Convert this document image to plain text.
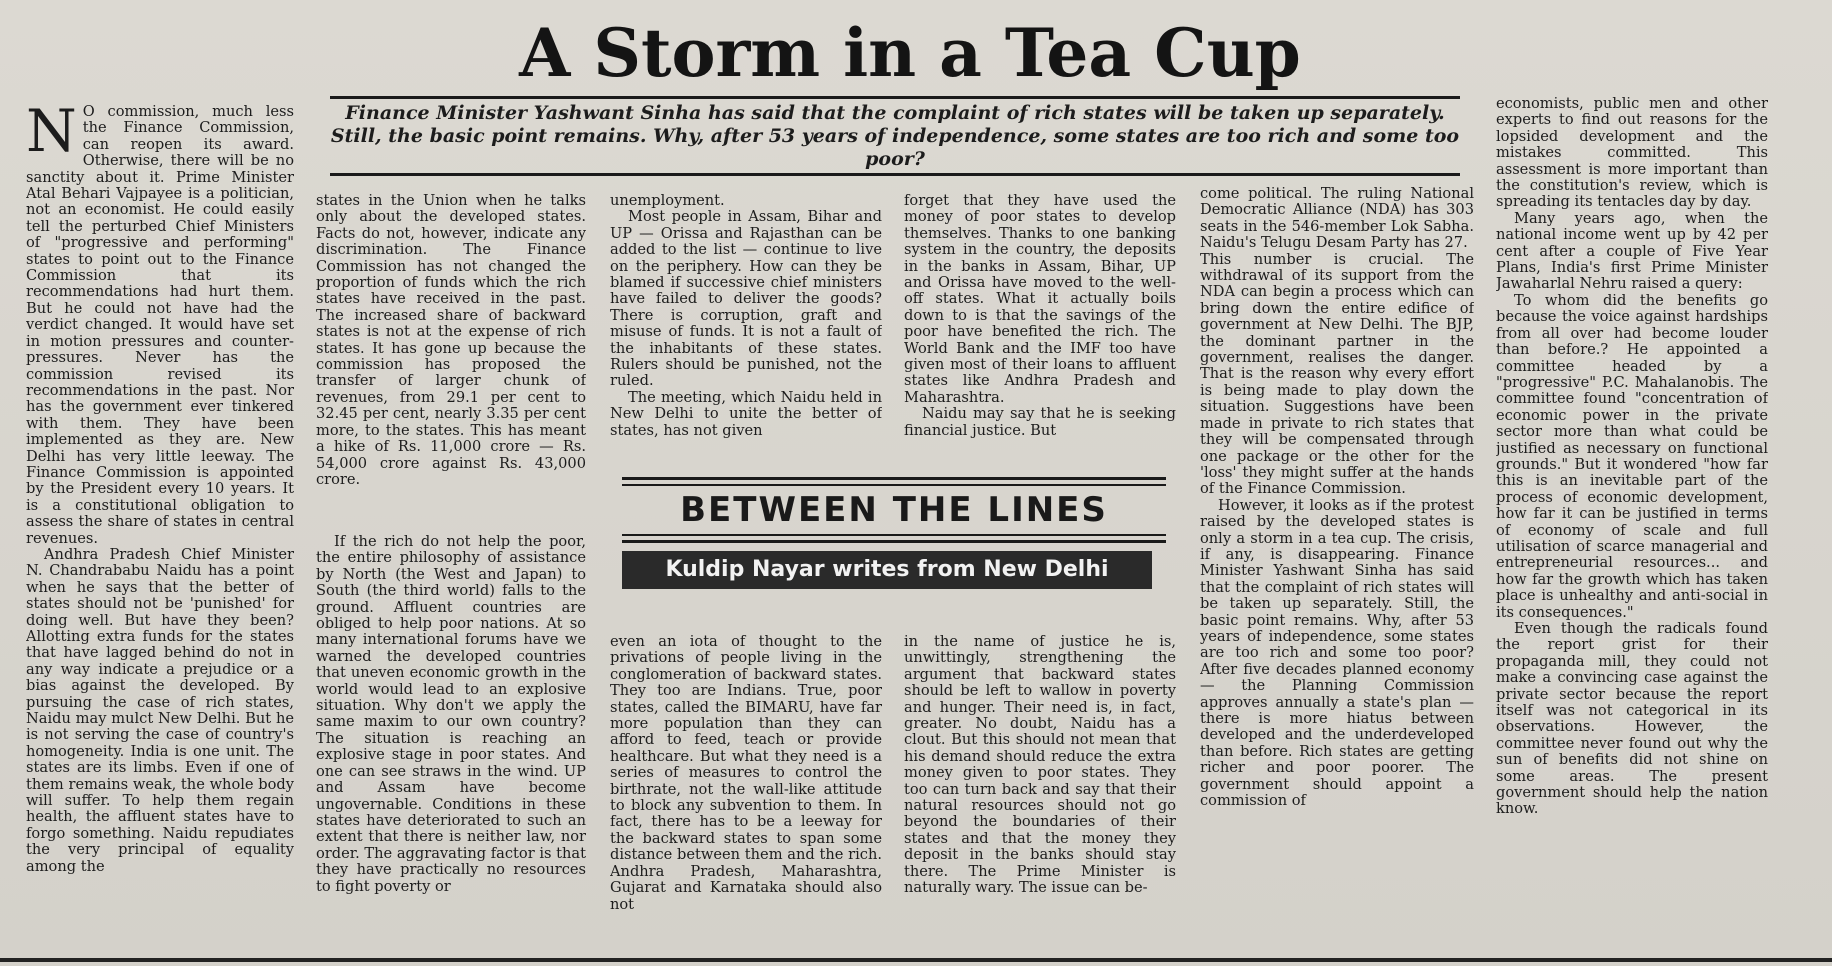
A Storm in a Tea Cup
Finance Minister Yashwant Sinha has said that the complaint of rich states will be taken up separately. Still, the basic point remains. Why, after 53 years of independence, some states are too rich and some too poor?
N O commission, much less the Finance Commission, can reopen its award. Otherwise, there will be no sanctity about it. Prime Minister Atal Behari Vajpayee is a politician, not an economist. He could easily tell the perturbed Chief Ministers of "progressive and performing" states to point out to the Finance Commission that its recommendations had hurt them. But he could not have had the verdict changed. It would have set in motion pressures and counter-pressures. Never has the commission revised its recommendations in the past. Nor has the government ever tinkered with them. They have been implemented as they are. New Delhi has very little leeway. The Finance Commission is appointed by the President every 10 years. It is a constitutional obligation to assess the share of states in central revenues.

Andhra Pradesh Chief Minister N. Chandrababu Naidu has a point when he says that the better of states should not be 'punished' for doing well. But have they been? Allotting extra funds for the states that have lagged behind do not in any way indicate a prejudice or a bias against the developed. By pursuing the case of rich states, Naidu may mulct New Delhi. But he is not serving the case of country's homogeneity. India is one unit. The states are its limbs. Even if one of them remains weak, the whole body will suffer. To help them regain health, the affluent states have to forgo something. Naidu repudiates the very principal of equality among the

states in the Union when he talks only about the developed states. Facts do not, however, indicate any discrimination. The Finance Commission has not changed the proportion of funds which the rich states have received in the past. The increased share of backward states is not at the expense of rich states. It has gone up because the commission has proposed the transfer of larger chunk of revenues, from 29.1 per cent to 32.45 per cent, nearly 3.35 per cent more, to the states. This has meant a hike of Rs. 11,000 crore — Rs. 54,000 crore against Rs. 43,000 crore.

If the rich do not help the poor, the entire philosophy of assistance by North (the West and Japan) to South (the third world) falls to the ground. Affluent countries are obliged to help poor nations. At so many international forums have we warned the developed countries that uneven economic growth in the world would lead to an explosive situation. Why don't we apply the same maxim to our own country? The situation is reaching an explosive stage in poor states. And one can see straws in the wind. UP and Assam have become ungovernable. Conditions in these states have deteriorated to such an extent that there is neither law, nor order. The aggravating factor is that they have practically no resources to fight poverty or

unemployment.

Most people in Assam, Bihar and UP — Orissa and Rajasthan can be added to the list — continue to live on the periphery. How can they be blamed if successive chief ministers have failed to deliver the goods? There is corruption, graft and misuse of funds. It is not a fault of the inhabitants of these states. Rulers should be punished, not the ruled.

The meeting, which Naidu held in New Delhi to unite the better of states, has not given

even an iota of thought to the privations of people living in the conglomeration of backward states. They too are Indians. True, poor states, called the BIMARU, have far more population than they can afford to feed, teach or provide healthcare. But what they need is a series of measures to control the birthrate, not the wall-like attitude to block any subvention to them. In fact, there has to be a leeway for the backward states to span some distance between them and the rich. Andhra Pradesh, Maharashtra, Gujarat and Karnataka should also not

forget that they have used the money of poor states to develop themselves. Thanks to one banking system in the country, the deposits in the banks in Assam, Bihar, UP and Orissa have moved to the well-off states. What it actually boils down to is that the savings of the poor have benefited the rich. The World Bank and the IMF too have given most of their loans to affluent states like Andhra Pradesh and Maharashtra.

Naidu may say that he is seeking financial justice. But

in the name of justice he is, unwittingly, strengthening the argument that backward states should be left to wallow in poverty and hunger. Their need is, in fact, greater. No doubt, Naidu has a clout. But this should not mean that his demand should reduce the extra money given to poor states. They too can turn back and say that their natural resources should not go beyond the boundaries of their states and that the money they deposit in the banks should stay there. The Prime Minister is naturally wary. The issue can be-

BETWEEN THE LINES
Kuldip Nayar writes from New Delhi

come political. The ruling National Democratic Alliance (NDA) has 303 seats in the 546-member Lok Sabha. Naidu's Telugu Desam Party has 27.

This number is crucial. The withdrawal of its support from the NDA can begin a process which can bring down the entire edifice of government at New Delhi. The BJP, the dominant partner in the government, realises the danger. That is the reason why every effort is being made to play down the situation. Suggestions have been made in private to rich states that they will be compensated through one package or the other for the 'loss' they might suffer at the hands of the Finance Commission.

However, it looks as if the protest raised by the developed states is only a storm in a tea cup. The crisis, if any, is disappearing. Finance Minister Yashwant Sinha has said that the complaint of rich states will be taken up separately. Still, the basic point remains. Why, after 53 years of independence, some states are too rich and some too poor? After five decades planned economy — the Planning Commission approves annually a state's plan — there is more hiatus between developed and the underdeveloped than before. Rich states are getting richer and poor poorer. The government should appoint a commission of

economists, public men and other experts to find out reasons for the lopsided development and the mistakes committed. This assessment is more important than the constitution's review, which is spreading its tentacles day by day.

Many years ago, when the national income went up by 42 per cent after a couple of Five Year Plans, India's first Prime Minister Jawaharlal Nehru raised a query:

To whom did the benefits go because the voice against hardships from all over had become louder than before.? He appointed a committee headed by a "progressive" P.C. Mahalanobis. The committee found "concentration of economic power in the private sector more than what could be justified as necessary on functional grounds." But it wondered "how far this is an inevitable part of the process of economic development, how far it can be justified in terms of economy of scale and full utilisation of scarce managerial and entrepreneurial resources... and how far the growth which has taken place is unhealthy and anti-social in its consequences."

Even though the radicals found the report grist for their propaganda mill, they could not make a convincing case against the private sector because the report itself was not categorical in its observations. However, the committee never found out why the sun of benefits did not shine on some areas. The present government should help the nation know.
